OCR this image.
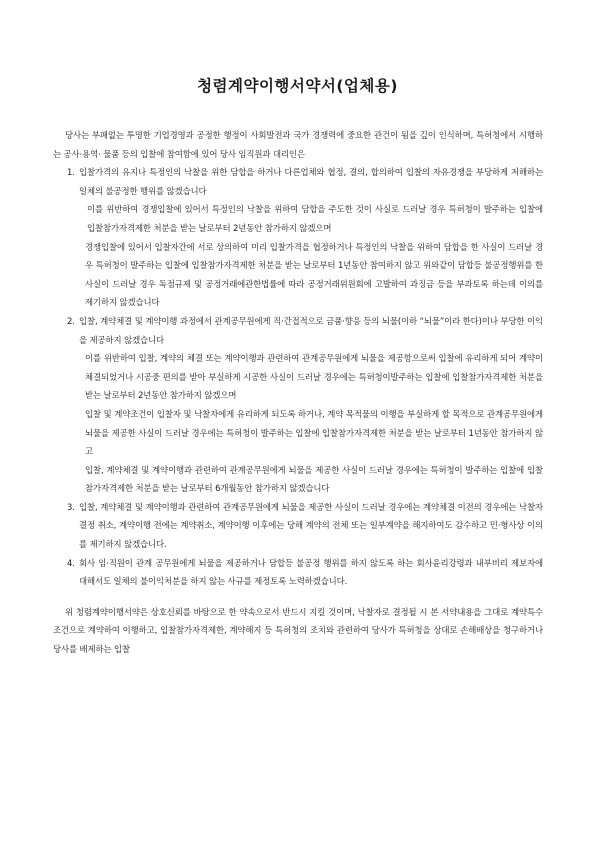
청렴계약이행서약서(업체용)

당사는 부패없는 투명한 기업경영과 공정한 행정이 사회발전과 국가 경쟁력에 중요한 관건이 됨을 깊이 인식하며, 특허청에서 시행하는 공사·용역· 물품 등의 입찰에 참여함에 있어 당사 임직원과 대리인은

1. 입찰가격의 유지나 특정인의 낙찰을 위한 담합을 하거나 다른업체와 협정, 결의, 합의하여 입찰의 자유경쟁을 부당하게 저해하는 일체의 불공정한 행위를 않겠습니다

이를 위반하여 경쟁입찰에 있어서 특정인의 낙찰을 위하여 담합을 주도한 것이 사실로 드러날 경우 특허청이 발주하는 입찰에 입찰참가자격제한 처분을 받는 날로부터 2년동안 참가하지 않겠으며

경쟁입찰에 있어서 입찰자간에 서로 상의하여 미리 입찰가격을 협정하거나 특정인의 낙찰을 위하여 담합을 한 사실이 드러날 경우 특허청이 발주하는 입찰에 입찰참가자격제한 처분을 받는 날로부터 1년동안 참여하지 않고 위와같이 담합등 불공정행위를 한 사실이 드러날 경우 독점규제 및 공정거래에관한법률에 따라 공정거래위원회에 고발하여 과징금 등을 부과토록 하는데 이의를 제기하지 않겠습니다

2. 입찰, 계약체결 및 계약이행 과정에서 관계공무원에게 직·간접적으로 금품·향응 등의 뇌물(이하 “뇌물”이라 한다)이나 부당한 이익을 제공하지 않겠습니다

이를 위반하여 입찰, 계약의 체결 또는 계약이행과 관련하여 관계공무원에게 뇌물을 제공함으로써 입찰에 유리하게 되어 계약이 체결되었거나 시공중 편의를 받아 부실하게 시공한 사실이 드러날 경우에는 특허청이발주하는 입찰에 입찰참가자격제한 처분을 받는 날로부터 2년동안 참가하지 않겠으며

입찰 및 계약조건이 입찰자 및 낙찰자에게 유리하게 되도록 하거나, 계약 목적물의 이행을 부실하게 할 목적으로 관계공무원에게 뇌물을 제공한 사실이 드러날 경우에는 특허청이 발주하는 입찰에 입찰참가자격제한 처분을 받는 날로부터 1년동안 참가하지 않고

입찰, 계약체결 및 계약이행과 관련하여 관계공무원에게 뇌물을 제공한 사실이 드러날 경우에는 특허청이 발주하는 입찰에 입찰참가자격제한 처분을 받는 날로부터 6개월동안 참가하지 않겠습니다

3. 입찰, 계약체결 및 계약이행과 관련하여 관계공무원에게 뇌물을 제공한 사실이 드러날 경우에는 계약체결 이전의 경우에는 낙찰자결정 취소, 계약이행 전에는 계약취소, 계약이행 이후에는 당해 계약의 전체 또는 일부계약을 해지하여도 감수하고 민·형사상 이의를 제기하지 않겠습니다.

4. 회사 임·직원이 관계 공무원에게 뇌물을 제공하거나 담합등 불공정 행위를 하지 않도록 하는 회사윤리강령과 내부비리 제보자에 대해서도 일체의 불이익처분을 하지 않는 사규를 제정토록 노력하겠습니다.

위 청렴계약이행서약은 상호신뢰를 바탕으로 한 약속으로서 반드시 지킬 것이며, 낙찰자로 결정될 시 본 서약내용을 그대로 계약특수조건으로 계약하여 이행하고, 입찰참가자격제한, 계약해지 등 특허청의 조치와 관련하여 당사가 특허청을 상대로 손해배상을 청구하거나 당사를 배제하는 입찰
